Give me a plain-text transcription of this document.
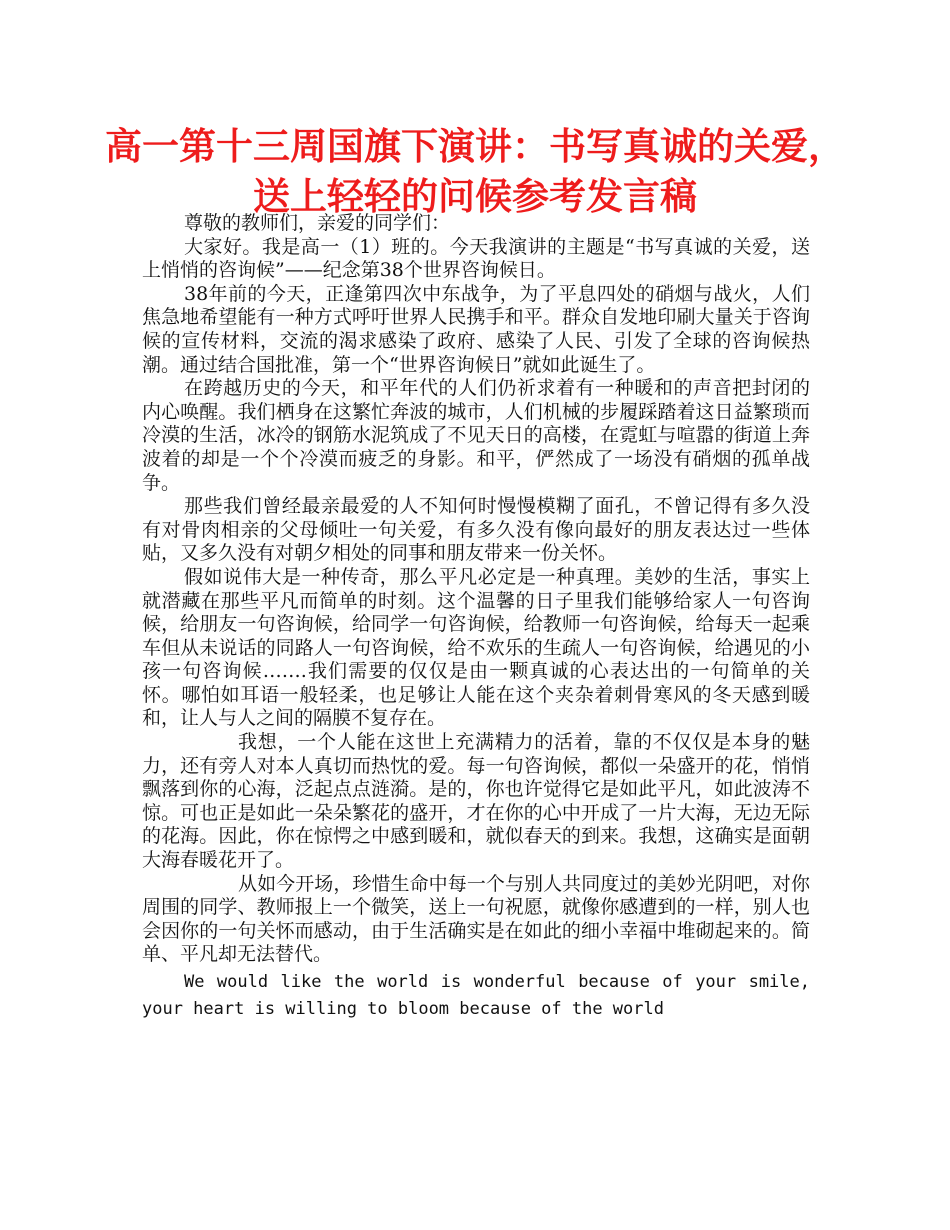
高一第十三周国旗下演讲：书写真诚的关爱，送上轻轻的问候参考发言稿

尊敬的教师们，亲爱的同学们：

大家好。我是高一（1）班的。今天我演讲的主题是“书写真诚的关爱，送上悄悄的咨询候”——纪念第38个世界咨询候日。

38年前的今天，正逢第四次中东战争，为了平息四处的硝烟与战火，人们焦急地希望能有一种方式呼吁世界人民携手和平。群众自发地印刷大量关于咨询候的宣传材料，交流的渴求感染了政府、感染了人民、引发了全球的咨询候热潮。通过结合国批准，第一个“世界咨询候日”就如此诞生了。

在跨越历史的今天，和平年代的人们仍祈求着有一种暖和的声音把封闭的内心唤醒。我们栖身在这繁忙奔波的城市，人们机械的步履踩踏着这日益繁琐而冷漠的生活，冰冷的钢筋水泥筑成了不见天日的高楼，在霓虹与喧嚣的街道上奔波着的却是一个个冷漠而疲乏的身影。和平，俨然成了一场没有硝烟的孤单战争。

那些我们曾经最亲最爱的人不知何时慢慢模糊了面孔，不曾记得有多久没有对骨肉相亲的父母倾吐一句关爱，有多久没有像向最好的朋友表达过一些体贴，又多久没有对朝夕相处的同事和朋友带来一份关怀。

假如说伟大是一种传奇，那么平凡必定是一种真理。美妙的生活，事实上就潜藏在那些平凡而简单的时刻。这个温馨的日子里我们能够给家人一句咨询候，给朋友一句咨询候，给同学一句咨询候，给教师一句咨询候，给每天一起乘车但从未说话的同路人一句咨询候，给不欢乐的生疏人一句咨询候，给遇见的小孩一句咨询候…….我们需要的仅仅是由一颗真诚的心表达出的一句简单的关怀。哪怕如耳语一般轻柔，也足够让人能在这个夹杂着刺骨寒风的冬天感到暖和，让人与人之间的隔膜不复存在。

我想，一个人能在这世上充满精力的活着，靠的不仅仅是本身的魅力，还有旁人对本人真切而热忱的爱。每一句咨询候，都似一朵盛开的花，悄悄飘落到你的心海，泛起点点涟漪。是的，你也许觉得它是如此平凡，如此波涛不惊。可也正是如此一朵朵繁花的盛开，才在你的心中开成了一片大海，无边无际的花海。因此，你在惊愕之中感到暖和，就似春天的到来。我想，这确实是面朝大海春暖花开了。

从如今开场，珍惜生命中每一个与别人共同度过的美妙光阴吧，对你周围的同学、教师报上一个微笑，送上一句祝愿，就像你感遭到的一样，别人也会因你的一句关怀而感动，由于生活确实是在如此的细小幸福中堆砌起来的。简单、平凡却无法替代。

We would like the world is wonderful because of your smile, your heart is willing to bloom because of the world
